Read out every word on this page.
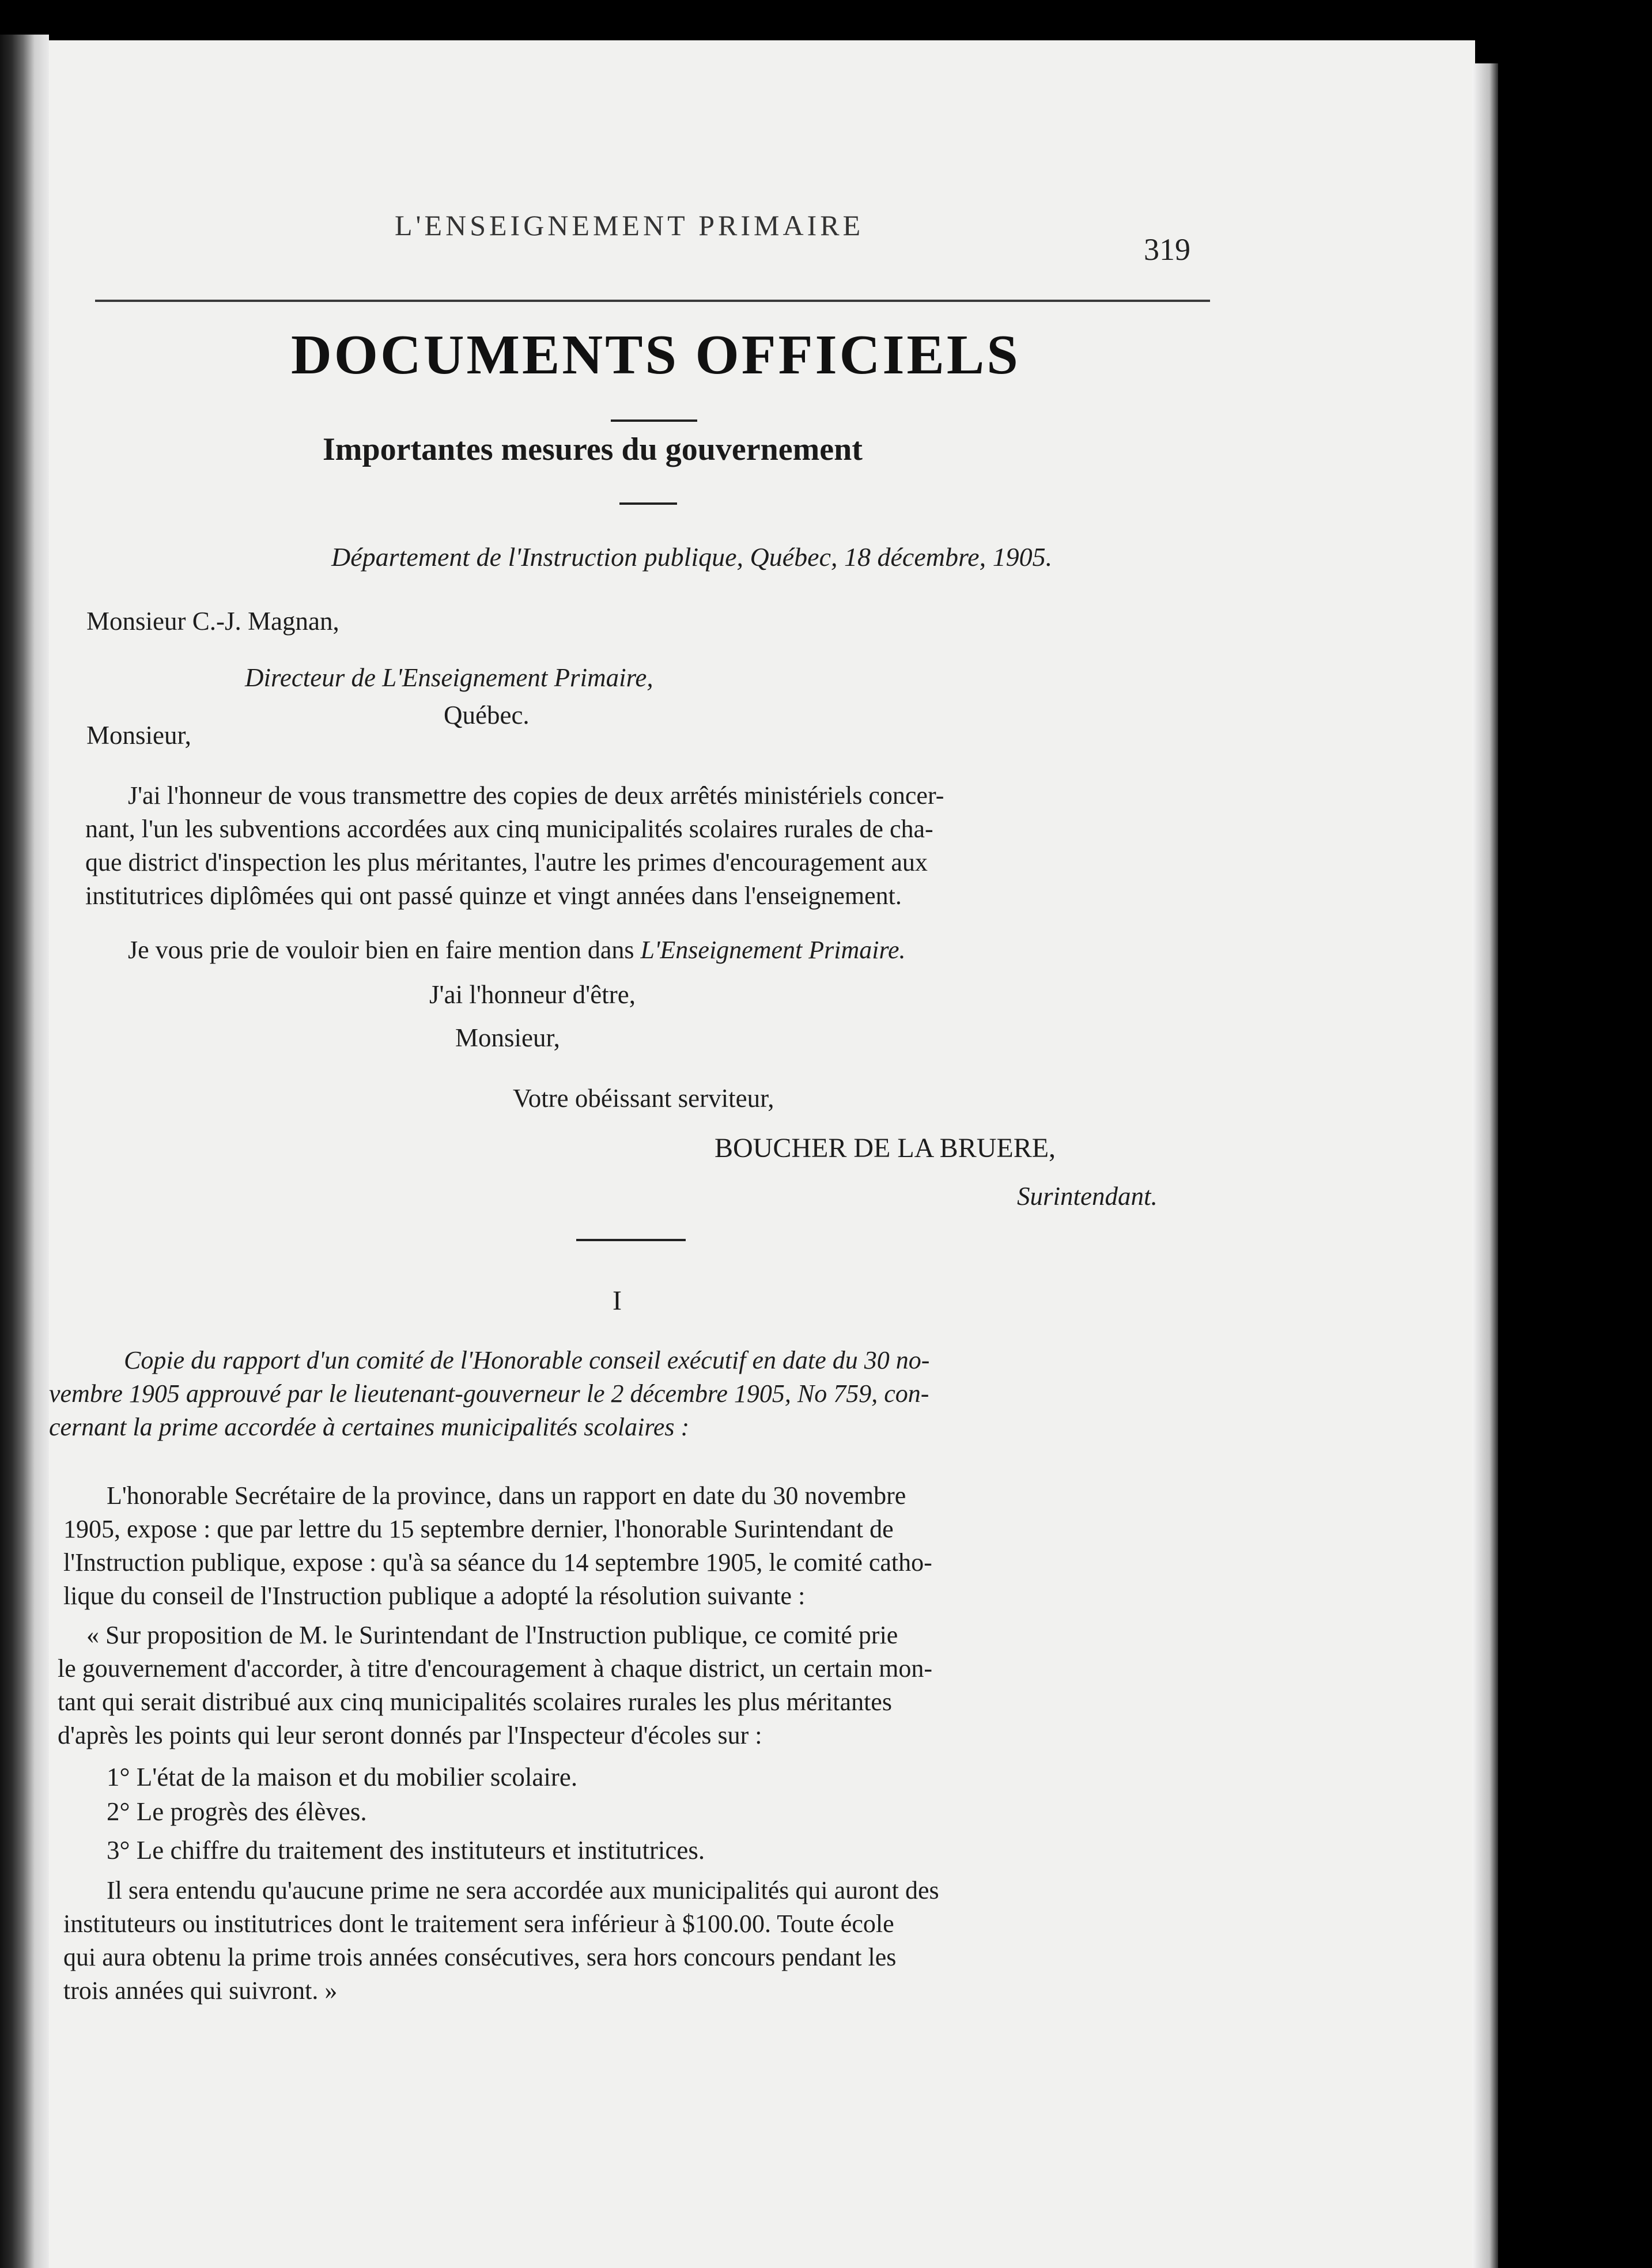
L'ENSEIGNEMENT PRIMAIRE
319
DOCUMENTS OFFICIELS
Importantes mesures du gouvernement
Département de l'Instruction publique, Québec, 18 décembre, 1905.
Monsieur C.-J. Magnan,
Directeur de L'Enseignement Primaire,
Québec.
Monsieur,
J'ai l'honneur de vous transmettre des copies de deux arrêtés ministériels concer-
nant, l'un les subventions accordées aux cinq municipalités scolaires rurales de cha-
que district d'inspection les plus méritantes, l'autre les primes d'encouragement aux
institutrices diplômées qui ont passé quinze et vingt années dans l'enseignement.
Je vous prie de vouloir bien en faire mention dans L'Enseignement Primaire.
J'ai l'honneur d'être,
Monsieur,
Votre obéissant serviteur,
BOUCHER DE LA BRUERE,
Surintendant.
I
Copie du rapport d'un comité de l'Honorable conseil exécutif en date du 30 no-
vembre 1905 approuvé par le lieutenant-gouverneur le 2 décembre 1905, No 759, con-
cernant la prime accordée à certaines municipalités scolaires :
L'honorable Secrétaire de la province, dans un rapport en date du 30 novembre
1905, expose : que par lettre du 15 septembre dernier, l'honorable Surintendant de
l'Instruction publique, expose : qu'à sa séance du 14 septembre 1905, le comité catho-
lique du conseil de l'Instruction publique a adopté la résolution suivante :
« Sur proposition de M. le Surintendant de l'Instruction publique, ce comité prie
le gouvernement d'accorder, à titre d'encouragement à chaque district, un certain mon-
tant qui serait distribué aux cinq municipalités scolaires rurales les plus méritantes
d'après les points qui leur seront donnés par l'Inspecteur d'écoles sur :
1° L'état de la maison et du mobilier scolaire.
2° Le progrès des élèves.
3° Le chiffre du traitement des instituteurs et institutrices.
Il sera entendu qu'aucune prime ne sera accordée aux municipalités qui auront des
instituteurs ou institutrices dont le traitement sera inférieur à $100.00. Toute école
qui aura obtenu la prime trois années consécutives, sera hors concours pendant les
trois années qui suivront. »
